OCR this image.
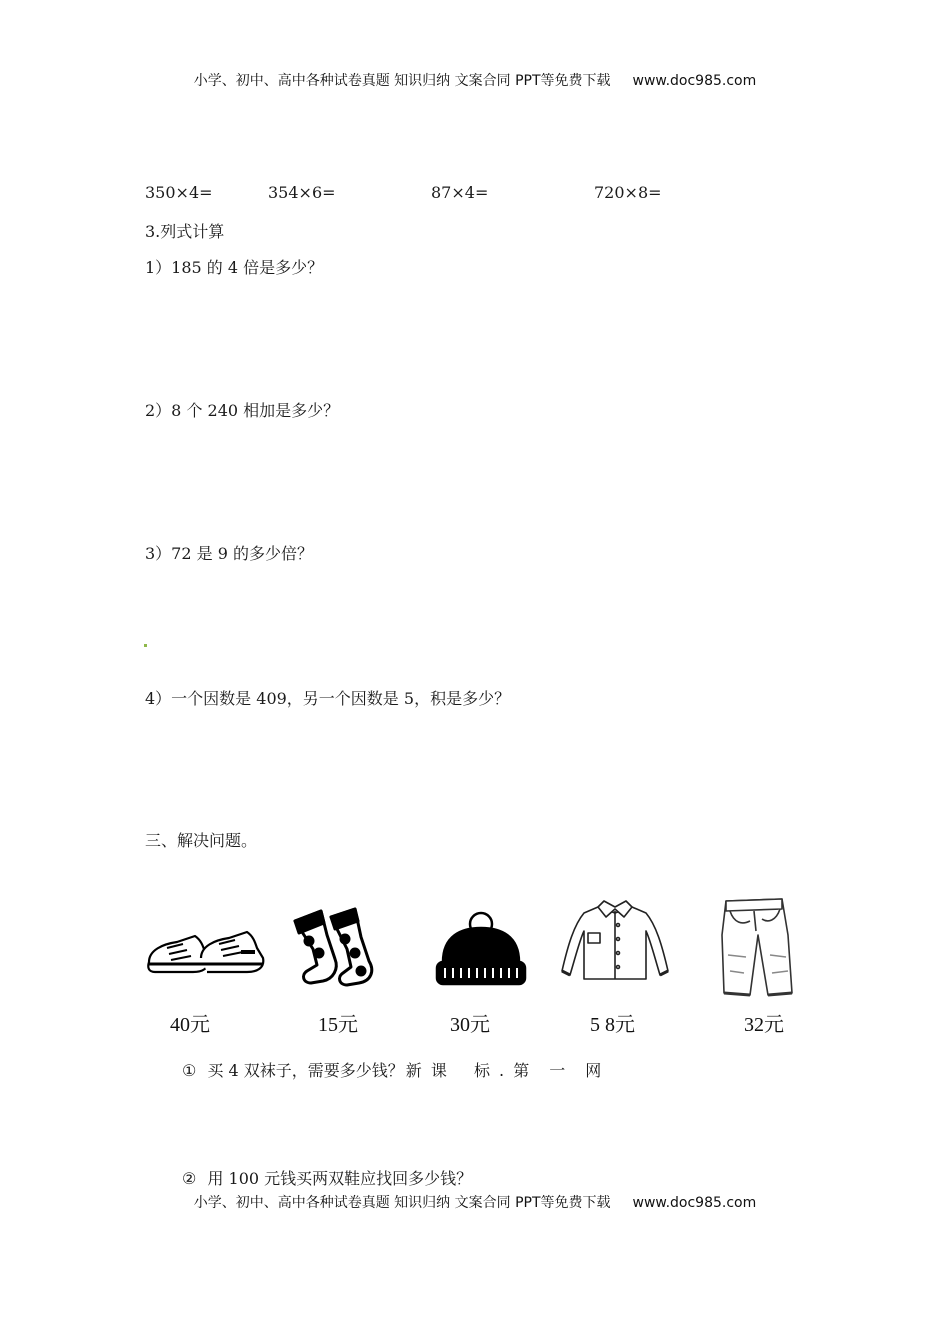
小学、初中、高中各种试卷真题 知识归纳 文案合同 PPT等免费下载 www.doc985.com
350×4=	354×6=	87×4=	720×8=
3.列式计算
1）185 的 4 倍是多少？
2）8 个 240 相加是多少？
3）72 是 9 的多少倍？
4）一个因数是 409，另一个因数是 5，积是多少？
三、解决问题。
40元	15元	30元	5 8元	32元
① 买 4 双袜子，需要多少钱？ 新 课　 标 . 第　一　网
② 用 100 元钱买两双鞋应找回多少钱？
小学、初中、高中各种试卷真题 知识归纳 文案合同 PPT等免费下载 www.doc985.com
